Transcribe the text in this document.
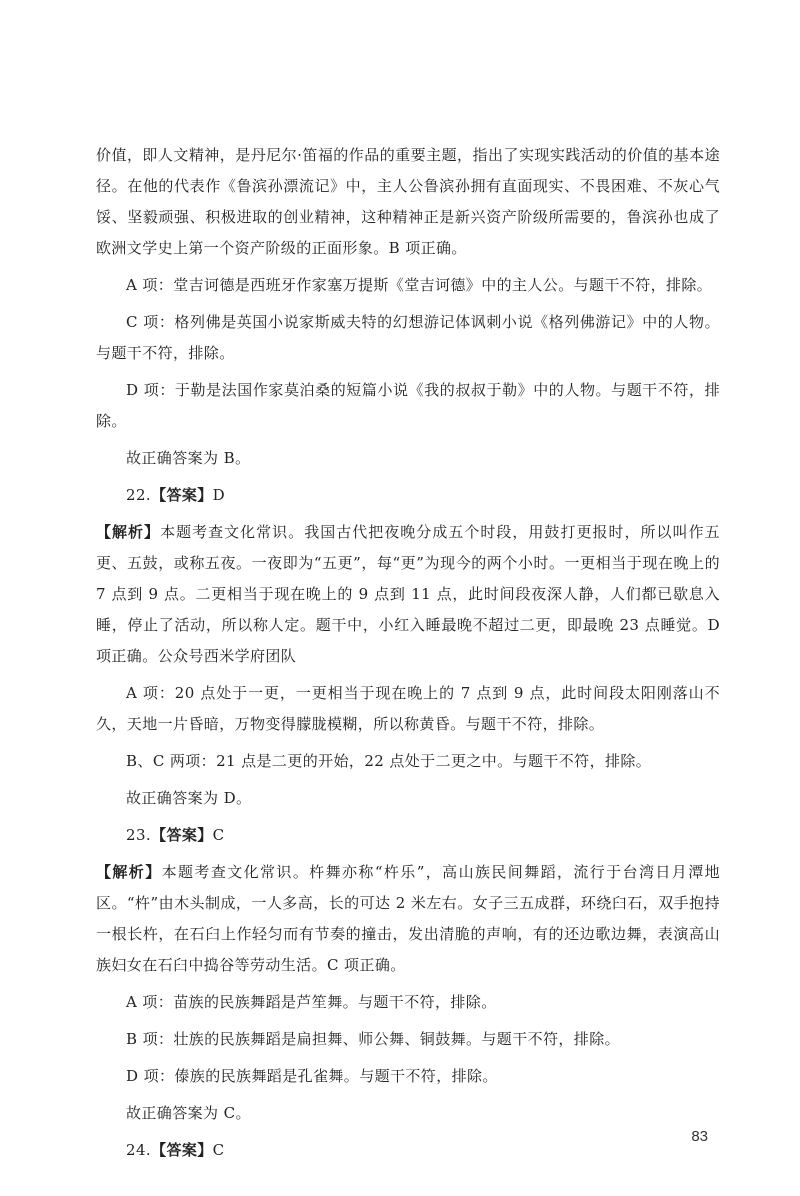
价值，即人文精神，是丹尼尔·笛福的作品的重要主题，指出了实现实践活动的价值的基本途径。在他的代表作《鲁滨孙漂流记》中，主人公鲁滨孙拥有直面现实、不畏困难、不灰心气馁、坚毅顽强、积极进取的创业精神，这种精神正是新兴资产阶级所需要的，鲁滨孙也成了欧洲文学史上第一个资产阶级的正面形象。B 项正确。

A 项：堂吉诃德是西班牙作家塞万提斯《堂吉诃德》中的主人公。与题干不符，排除。

C 项：格列佛是英国小说家斯威夫特的幻想游记体讽刺小说《格列佛游记》中的人物。与题干不符，排除。

D 项：于勒是法国作家莫泊桑的短篇小说《我的叔叔于勒》中的人物。与题干不符，排除。

故正确答案为 B。

22.【答案】D

【解析】本题考查文化常识。我国古代把夜晚分成五个时段，用鼓打更报时，所以叫作五更、五鼓，或称五夜。一夜即为“五更”，每“更”为现今的两个小时。一更相当于现在晚上的 7 点到 9 点。二更相当于现在晚上的 9 点到 11 点，此时间段夜深人静，人们都已歇息入睡，停止了活动，所以称人定。题干中，小红入睡最晚不超过二更，即最晚 23 点睡觉。D 项正确。公众号西米学府团队

A 项：20 点处于一更，一更相当于现在晚上的 7 点到 9 点，此时间段太阳刚落山不久，天地一片昏暗，万物变得朦胧模糊，所以称黄昏。与题干不符，排除。

B、C 两项：21 点是二更的开始，22 点处于二更之中。与题干不符，排除。

故正确答案为 D。

23.【答案】C

【解析】本题考查文化常识。杵舞亦称“杵乐”，高山族民间舞蹈，流行于台湾日月潭地区。“杵”由木头制成，一人多高，长的可达 2 米左右。女子三五成群，环绕臼石，双手抱持一根长杵，在石臼上作轻匀而有节奏的撞击，发出清脆的声响，有的还边歌边舞，表演高山族妇女在石臼中捣谷等劳动生活。C 项正确。

A 项：苗族的民族舞蹈是芦笙舞。与题干不符，排除。

B 项：壮族的民族舞蹈是扁担舞、师公舞、铜鼓舞。与题干不符，排除。

D 项：傣族的民族舞蹈是孔雀舞。与题干不符，排除。

故正确答案为 C。

24.【答案】C

83
